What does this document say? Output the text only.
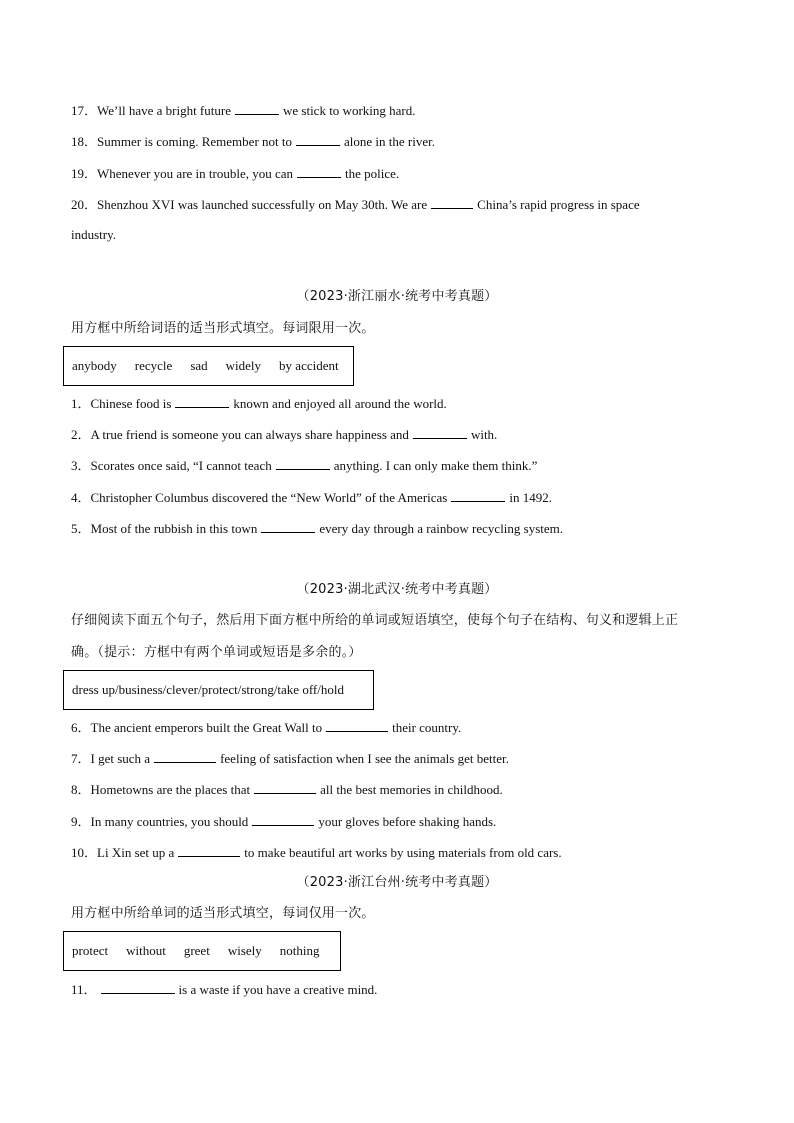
17．We’ll have a bright future	we stick to working hard.
18．Summer is coming. Remember not to	alone in the river.
19．Whenever you are in trouble, you can	the police.
20．Shenzhou XVI was launched successfully on May 30th. We are	China’s rapid progress in space
industry.
（2023·浙江丽水·统考中考真题）
用方框中所给词语的适当形式填空。每词限用一次。
anybody recycle sad widely by accident
1．Chinese food is	known and enjoyed all around the world.
2．A true friend is someone you can always share happiness and	with.
3．Scorates once said, “I cannot teach	anything. I can only make them think.”
4．Christopher Columbus discovered the “New World” of the Americas	in 1492.
5．Most of the rubbish in this town	every day through a rainbow recycling system.
（2023·湖北武汉·统考中考真题）
仔细阅读下面五个句子，然后用下面方框中所给的单词或短语填空，使每个句子在结构、句义和逻辑上正
确。（提示：方框中有两个单词或短语是多余的。）
dress up/business/clever/protect/strong/take off/hold
6．The ancient emperors built the Great Wall to	their country.
7．I get such a	feeling of satisfaction when I see the animals get better.
8．Hometowns are the places that	all the best memories in childhood.
9．In many countries, you should	your gloves before shaking hands.
10．Li Xin set up a	to make beautiful art works by using materials from old cars.
（2023·浙江台州·统考中考真题）
用方框中所给单词的适当形式填空，每词仅用一次。
protect without greet wisely nothing
11．	is a waste if you have a creative mind.
